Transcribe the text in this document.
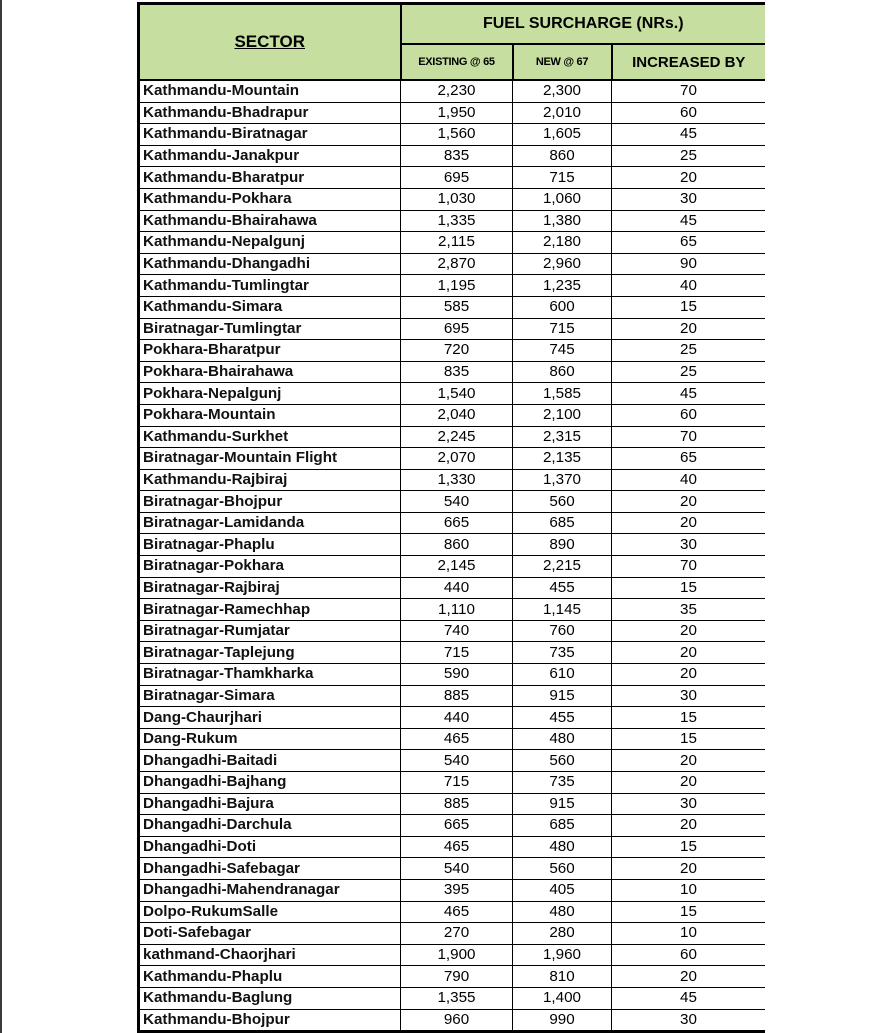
SECTOR	FUEL SURCHARGE (NRs.)		
	EXISTING @ 65	NEW @ 67	INCREASED BY
Kathmandu-Mountain	2,230	2,300	70
Kathmandu-Bhadrapur	1,950	2,010	60
Kathmandu-Biratnagar	1,560	1,605	45
Kathmandu-Janakpur	835	860	25
Kathmandu-Bharatpur	695	715	20
Kathmandu-Pokhara	1,030	1,060	30
Kathmandu-Bhairahawa	1,335	1,380	45
Kathmandu-Nepalgunj	2,115	2,180	65
Kathmandu-Dhangadhi	2,870	2,960	90
Kathmandu-Tumlingtar	1,195	1,235	40
Kathmandu-Simara	585	600	15
Biratnagar-Tumlingtar	695	715	20
Pokhara-Bharatpur	720	745	25
Pokhara-Bhairahawa	835	860	25
Pokhara-Nepalgunj	1,540	1,585	45
Pokhara-Mountain	2,040	2,100	60
Kathmandu-Surkhet	2,245	2,315	70
Biratnagar-Mountain Flight	2,070	2,135	65
Kathmandu-Rajbiraj	1,330	1,370	40
Biratnagar-Bhojpur	540	560	20
Biratnagar-Lamidanda	665	685	20
Biratnagar-Phaplu	860	890	30
Biratnagar-Pokhara	2,145	2,215	70
Biratnagar-Rajbiraj	440	455	15
Biratnagar-Ramechhap	1,110	1,145	35
Biratnagar-Rumjatar	740	760	20
Biratnagar-Taplejung	715	735	20
Biratnagar-Thamkharka	590	610	20
Biratnagar-Simara	885	915	30
Dang-Chaurjhari	440	455	15
Dang-Rukum	465	480	15
Dhangadhi-Baitadi	540	560	20
Dhangadhi-Bajhang	715	735	20
Dhangadhi-Bajura	885	915	30
Dhangadhi-Darchula	665	685	20
Dhangadhi-Doti	465	480	15
Dhangadhi-Safebagar	540	560	20
Dhangadhi-Mahendranagar	395	405	10
Dolpo-RukumSalle	465	480	15
Doti-Safebagar	270	280	10
kathmand-Chaorjhari	1,900	1,960	60
Kathmandu-Phaplu	790	810	20
Kathmandu-Baglung	1,355	1,400	45
Kathmandu-Bhojpur	960	990	30
